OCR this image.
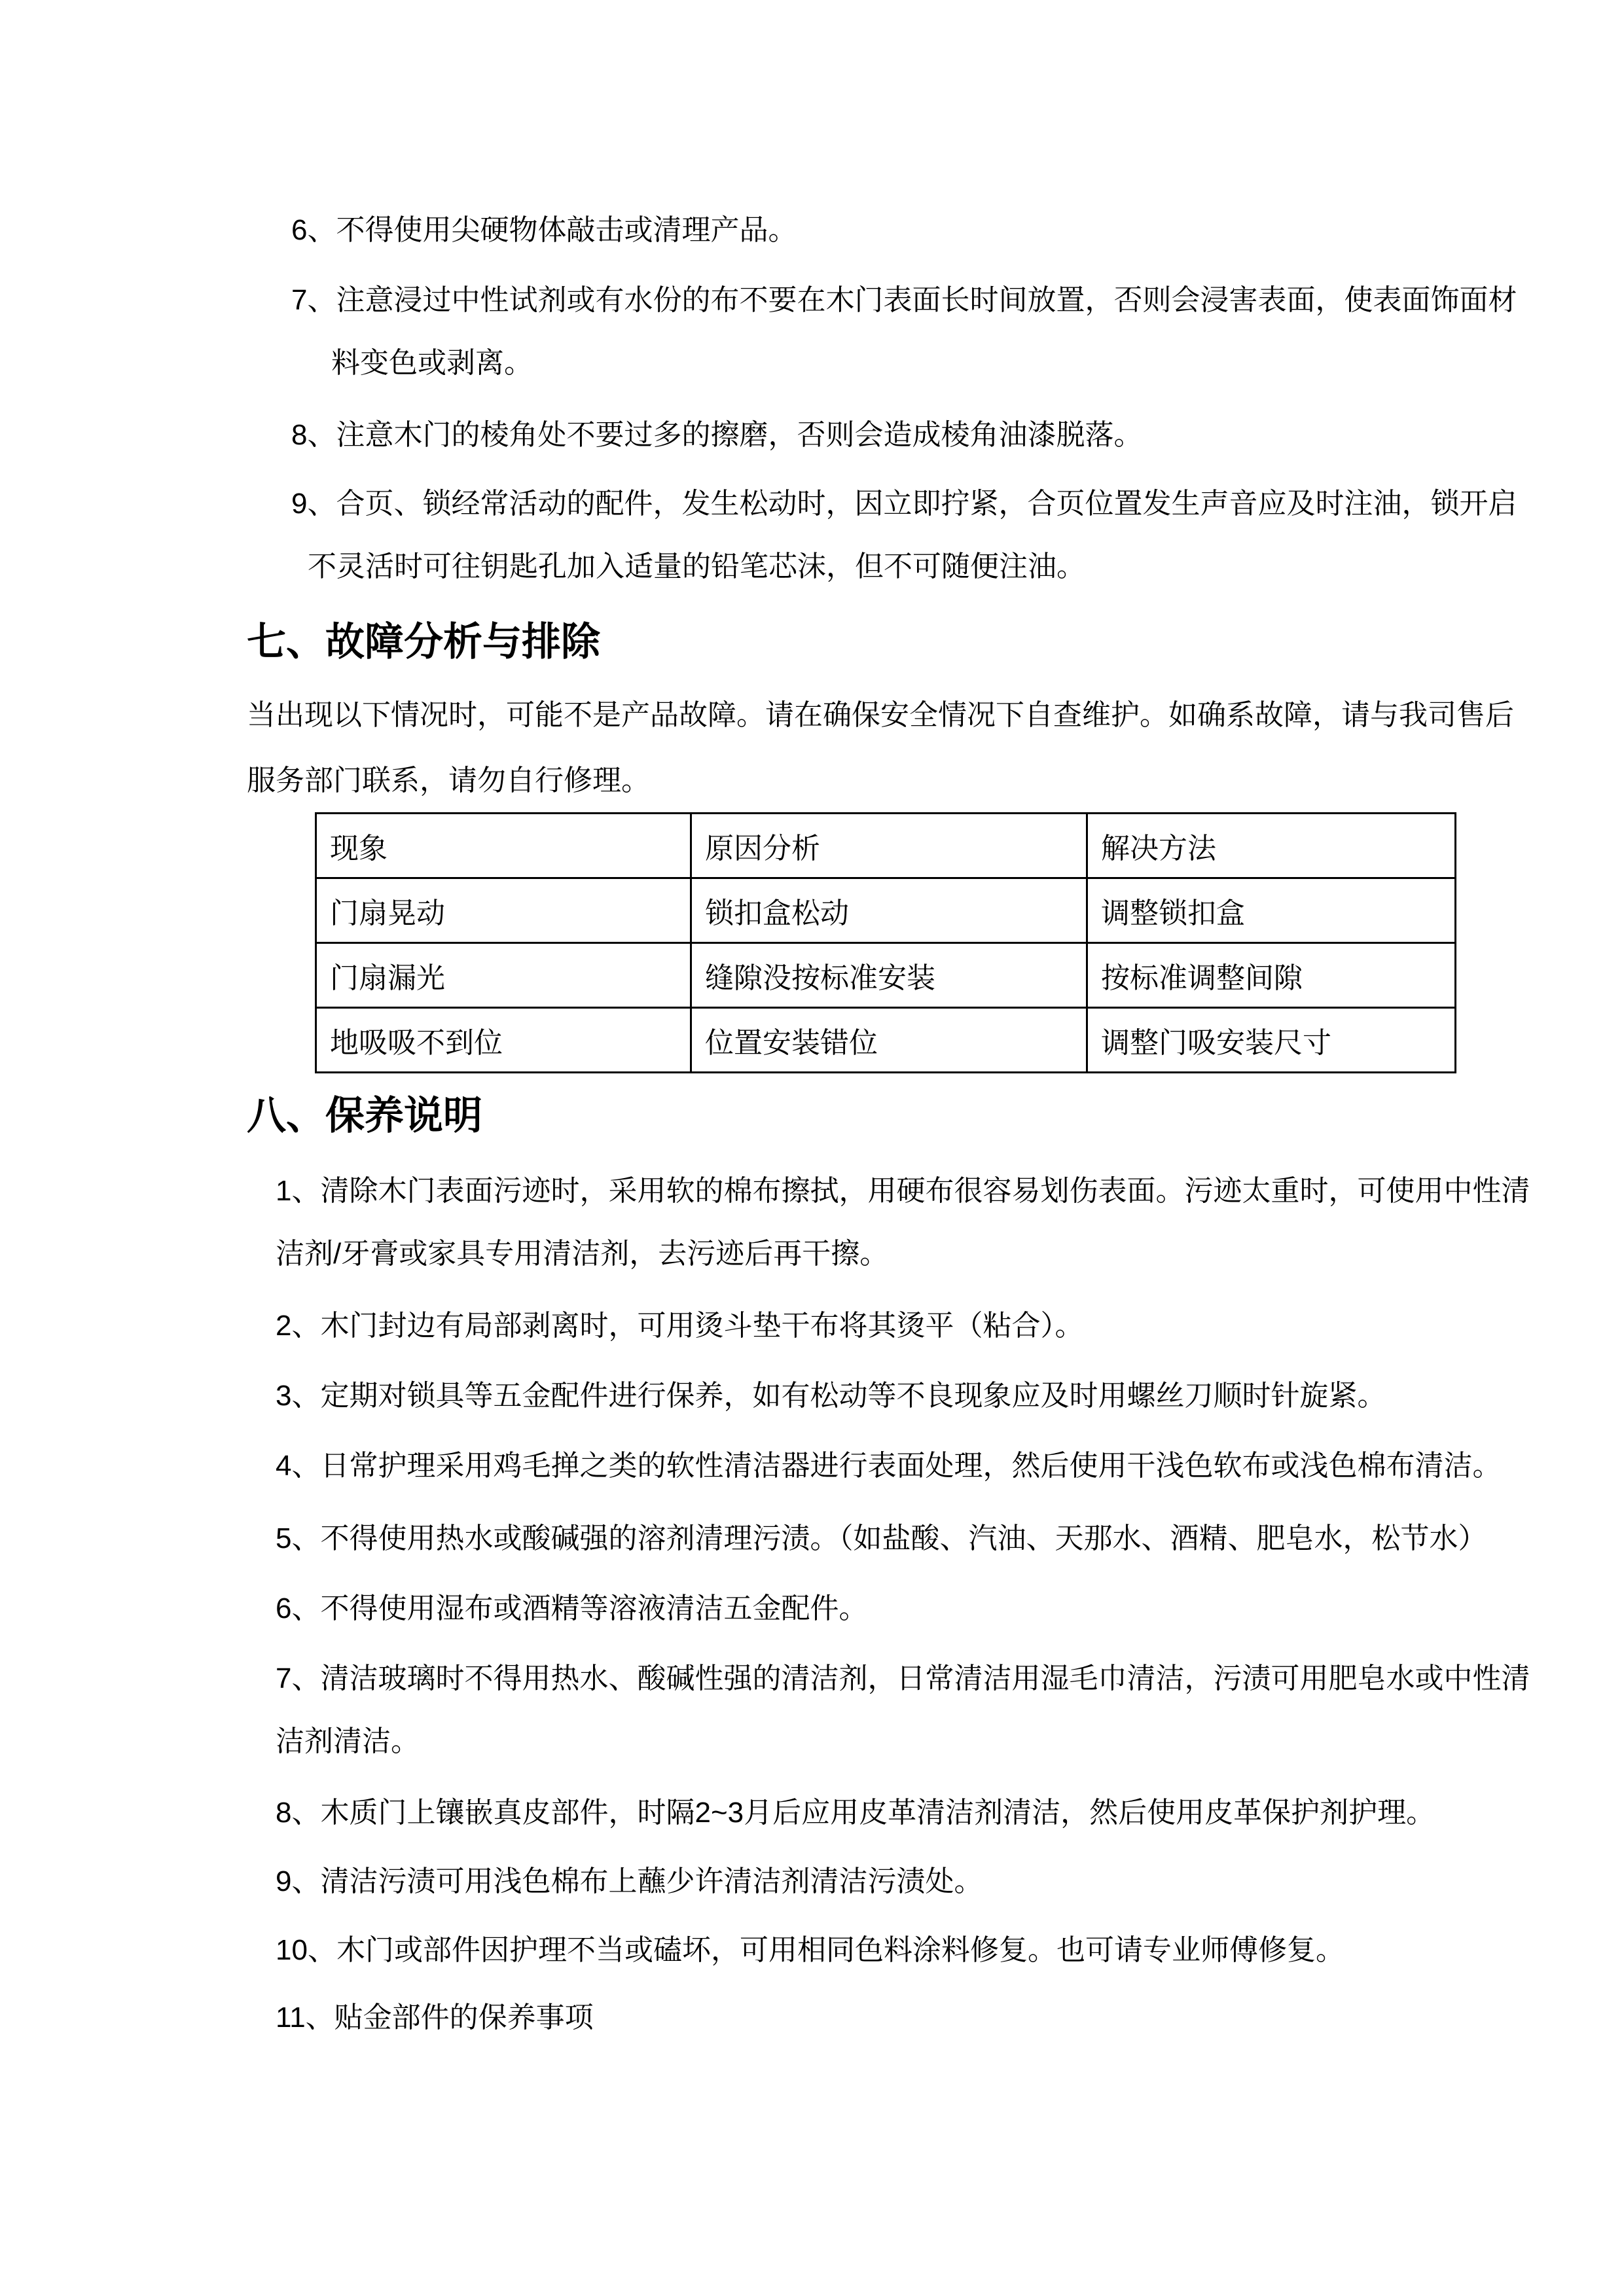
6、不得使用尖硬物体敲击或清理产品。
7、注意浸过中性试剂或有水份的布不要在木门表面长时间放置，否则会浸害表面，使表面饰面材
料变色或剥离。
8、注意木门的棱角处不要过多的擦磨，否则会造成棱角油漆脱落。
9、合页、锁经常活动的配件，发生松动时，因立即拧紧，合页位置发生声音应及时注油，锁开启
不灵活时可往钥匙孔加入适量的铅笔芯沫，但不可随便注油。
七、故障分析与排除
当出现以下情况时，可能不是产品故障。请在确保安全情况下自查维护。如确系故障，请与我司售后
服务部门联系，请勿自行修理。
现象	原因分析	解决方法
门扇晃动	锁扣盒松动	调整锁扣盒
门扇漏光	缝隙没按标准安装	按标准调整间隙
地吸吸不到位	位置安装错位	调整门吸安装尺寸
八、保养说明
1、清除木门表面污迹时，采用软的棉布擦拭，用硬布很容易划伤表面。污迹太重时，可使用中性清
洁剂/牙膏或家具专用清洁剂，去污迹后再干擦。
2、木门封边有局部剥离时，可用烫斗垫干布将其烫平（粘合）。
3、定期对锁具等五金配件进行保养，如有松动等不良现象应及时用螺丝刀顺时针旋紧。
4、日常护理采用鸡毛掸之类的软性清洁器进行表面处理，然后使用干浅色软布或浅色棉布清洁。
5、不得使用热水或酸碱强的溶剂清理污渍。（如盐酸、汽油、天那水、酒精、肥皂水，松节水）
6、不得使用湿布或酒精等溶液清洁五金配件。
7、清洁玻璃时不得用热水、酸碱性强的清洁剂，日常清洁用湿毛巾清洁，污渍可用肥皂水或中性清
洁剂清洁。
8、木质门上镶嵌真皮部件，时隔2~3月后应用皮革清洁剂清洁，然后使用皮革保护剂护理。
9、清洁污渍可用浅色棉布上蘸少许清洁剂清洁污渍处。
10、木门或部件因护理不当或磕坏，可用相同色料涂料修复。也可请专业师傅修复。
11、贴金部件的保养事项
